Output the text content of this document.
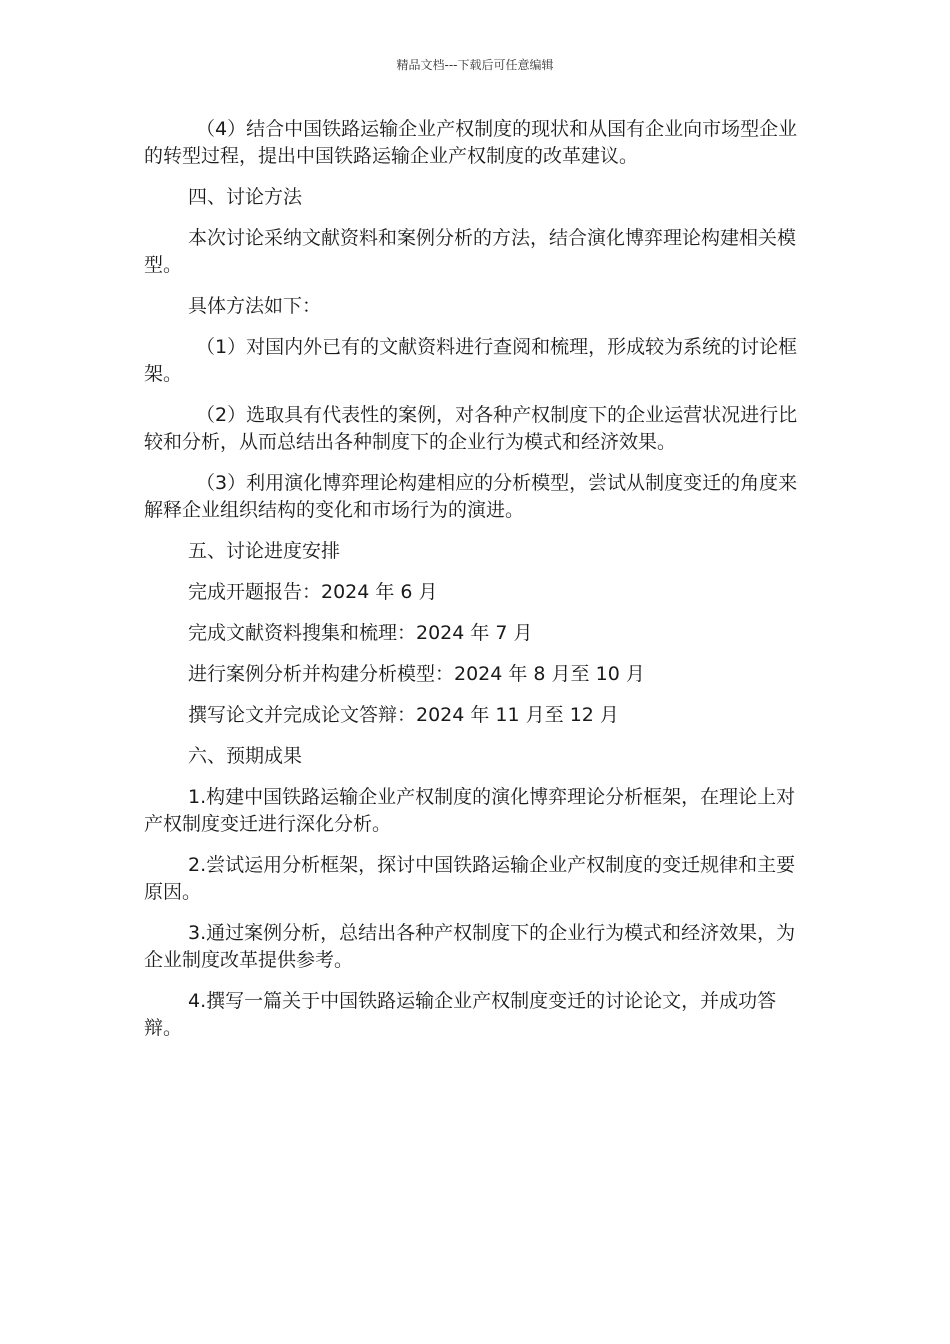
精品文档---下载后可任意编辑

（4）结合中国铁路运输企业产权制度的现状和从国有企业向市场型企业的转型过程，提出中国铁路运输企业产权制度的改革建议。

四、讨论方法

本次讨论采纳文献资料和案例分析的方法，结合演化博弈理论构建相关模型。

具体方法如下：

（1）对国内外已有的文献资料进行查阅和梳理，形成较为系统的讨论框架。

（2）选取具有代表性的案例，对各种产权制度下的企业运营状况进行比较和分析，从而总结出各种制度下的企业行为模式和经济效果。

（3）利用演化博弈理论构建相应的分析模型，尝试从制度变迁的角度来解释企业组织结构的变化和市场行为的演进。

五、讨论进度安排

完成开题报告：2024 年 6 月

完成文献资料搜集和梳理：2024 年 7 月

进行案例分析并构建分析模型：2024 年 8 月至 10 月

撰写论文并完成论文答辩：2024 年 11 月至 12 月

六、预期成果

1.构建中国铁路运输企业产权制度的演化博弈理论分析框架，在理论上对产权制度变迁进行深化分析。

2.尝试运用分析框架，探讨中国铁路运输企业产权制度的变迁规律和主要原因。

3.通过案例分析，总结出各种产权制度下的企业行为模式和经济效果，为企业制度改革提供参考。

4.撰写一篇关于中国铁路运输企业产权制度变迁的讨论论文，并成功答辩。
